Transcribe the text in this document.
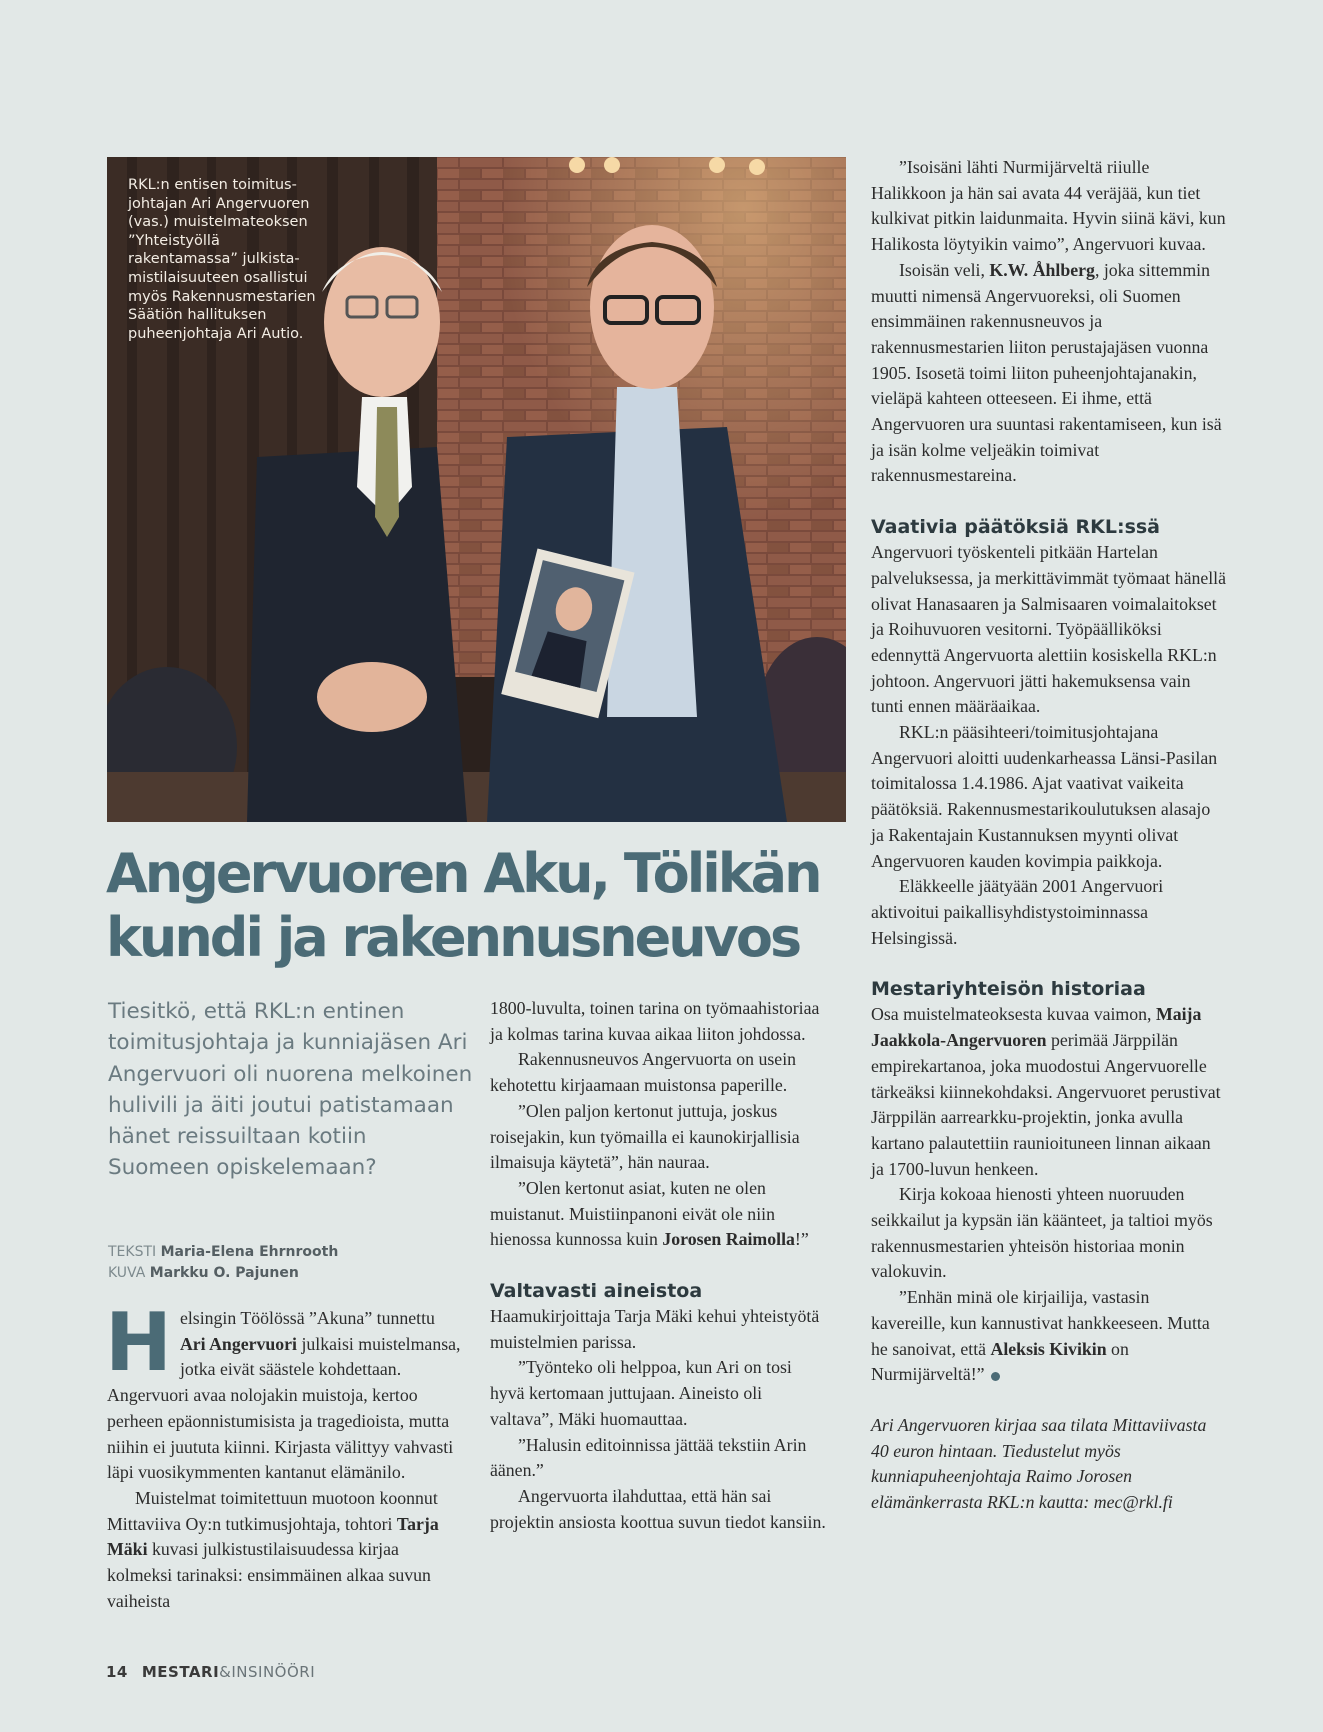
RKL:n entisen toimitusjohtajan Ari Angervuoren (vas.) muistelmateoksen ”Yhteistyöllä rakentamassa” julkistamistilaisuuteen osallistui myös Rakennusmestarien Säätiön hallituksen puheenjohtaja Ari Autio.

Angervuoren Aku, Tölikän
kundi ja rakennusneuvos

Tiesitkö, että RKL:n entinen toimitusjohtaja ja kunniajäsen Ari Angervuori oli nuorena melkoinen hulivili ja äiti joutui patistamaan hänet reissuiltaan kotiin Suomeen opiskelemaan?

TEKSTI Maria-Elena Ehrnrooth
KUVA Markku O. Pajunen

Helsingin Töölössä ”Akuna” tunnettu Ari Angervuori julkaisi muistelmansa, jotka eivät säästele kohdettaan. Angervuori avaa nolojakin muistoja, kertoo perheen epäonnistumisista ja tragedioista, mutta niihin ei juututa kiinni. Kirjasta välittyy vahvasti läpi vuosikymmenten kantanut elämänilo.

Muistelmat toimitettuun muotoon koonnut Mittaviiva Oy:n tutkimusjohtaja, tohtori Tarja Mäki kuvasi julkistustilaisuudessa kirjaa kolmeksi tarinaksi: ensimmäinen alkaa suvun vaiheista

1800-luvulta, toinen tarina on työmaahistoriaa ja kolmas tarina kuvaa aikaa liiton johdossa.

Rakennusneuvos Angervuorta on usein kehotettu kirjaamaan muistonsa paperille.

”Olen paljon kertonut juttuja, joskus roisejakin, kun työmailla ei kaunokirjallisia ilmaisuja käytetä”, hän nauraa.

”Olen kertonut asiat, kuten ne olen muistanut. Muistiinpanoni eivät ole niin hienossa kunnossa kuin Jorosen Raimolla!”

Valtavasti aineistoa

Haamukirjoittaja Tarja Mäki kehui yhteistyötä muistelmien parissa.

”Työnteko oli helppoa, kun Ari on tosi hyvä kertomaan juttujaan. Aineisto oli valtava”, Mäki huomauttaa.

”Halusin editoinnissa jättää tekstiin Arin äänen.”

Angervuorta ilahduttaa, että hän sai projektin ansiosta koottua suvun tiedot kansiin.

”Isoisäni lähti Nurmijärveltä riiulle Halikkoon ja hän sai avata 44 veräjää, kun tiet kulkivat pitkin laidunmaita. Hyvin siinä kävi, kun Halikosta löytyikin vaimo”, Angervuori kuvaa.

Isoisän veli, K.W. Åhlberg, joka sittemmin muutti nimensä Angervuoreksi, oli Suomen ensimmäinen rakennusneuvos ja rakennusmestarien liiton perustajajäsen vuonna 1905. Isosetä toimi liiton puheenjohtajanakin, vieläpä kahteen otteeseen. Ei ihme, että Angervuoren ura suuntasi rakentamiseen, kun isä ja isän kolme veljeäkin toimivat rakennusmestareina.

Vaativia päätöksiä RKL:ssä

Angervuori työskenteli pitkään Hartelan palveluksessa, ja merkittävimmät työmaat hänellä olivat Hanasaaren ja Salmisaaren voimalaitokset ja Roihuvuoren vesitorni. Työpäälliköksi edennyttä Angervuorta alettiin kosiskella RKL:n johtoon. Angervuori jätti hakemuksensa vain tunti ennen määräaikaa.

RKL:n pääsihteeri/toimitusjohtajana Angervuori aloitti uudenkarheassa Länsi-Pasilan toimitalossa 1.4.1986. Ajat vaativat vaikeita päätöksiä. Rakennusmestarikoulutuksen alasajo ja Rakentajain Kustannuksen myynti olivat Angervuoren kauden kovimpia paikkoja.

Eläkkeelle jäätyään 2001 Angervuori aktivoitui paikallisyhdistystoiminnassa Helsingissä.

Mestariyhteisön historiaa

Osa muistelmateoksesta kuvaa vaimon, Maija Jaakkola-Angervuoren perimää Järppilän empirekartanoa, joka muodostui Angervuorelle tärkeäksi kiinnekohdaksi. Angervuoret perustivat Järppilän aarrearkku-projektin, jonka avulla kartano palautettiin raunioituneen linnan aikaan ja 1700-luvun henkeen.

Kirja kokoaa hienosti yhteen nuoruuden seikkailut ja kypsän iän käänteet, ja taltioi myös rakennusmestarien yhteisön historiaa monin valokuvin.

”Enhän minä ole kirjailija, vastasin kavereille, kun kannustivat hankkeeseen. Mutta he sanoivat, että Aleksis Kivikin on Nurmijärveltä!”

Ari Angervuoren kirjaa saa tilata Mittaviivasta 40 euron hintaan. Tiedustelut myös kunniapuheenjohtaja Raimo Jorosen elämänkerrasta RKL:n kautta: mec@rkl.fi

14 MESTARI&INSINÖÖRI
